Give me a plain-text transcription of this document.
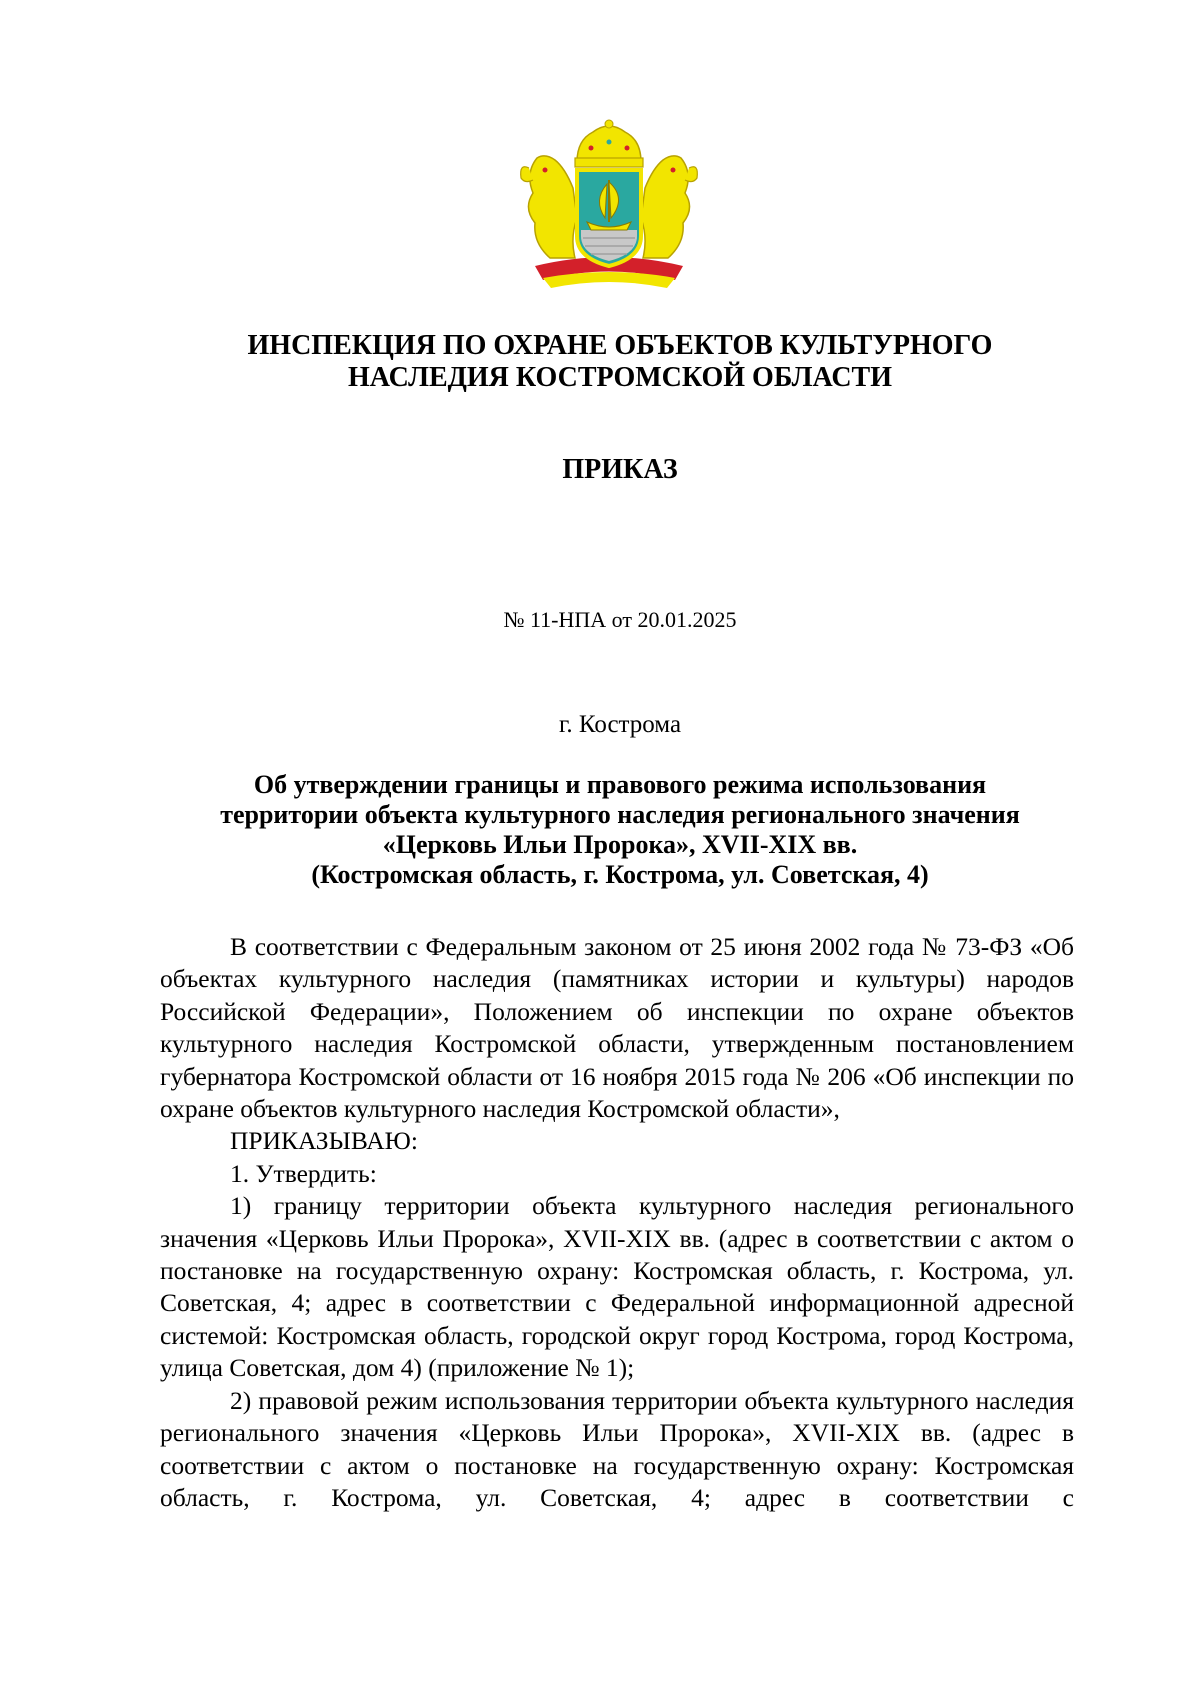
ИНСПЕКЦИЯ ПО ОХРАНЕ ОБЪЕКТОВ КУЛЬТУРНОГО
НАСЛЕДИЯ КОСТРОМСКОЙ ОБЛАСТИ
ПРИКАЗ
№ 11-НПА от 20.01.2025
г. Кострома
Об утверждении границы и правового режима использования
территории объекта культурного наследия регионального значения
«Церковь Ильи Пророка», XVII-XIX вв.
(Костромская область, г. Кострома, ул. Советская, 4)

В соответствии с Федеральным законом от 25 июня 2002 года № 73-ФЗ «Об объектах культурного наследия (памятниках истории и культуры) народов Российской Федерации», Положением об инспекции по охране объектов культурного наследия Костромской области, утвержденным постановлением губернатора Костромской области от 16 ноября 2015 года № 206 «Об инспекции по охране объектов культурного наследия Костромской области»,

ПРИКАЗЫВАЮ:

1. Утвердить:

1) границу территории объекта культурного наследия регионального значения «Церковь Ильи Пророка», XVII-XIX вв. (адрес в соответствии с актом о постановке на государственную охрану: Костромская область, г. Кострома, ул. Советская, 4; адрес в соответствии с Федеральной информационной адресной системой: Костромская область, городской округ город Кострома, город Кострома, улица Советская, дом 4) (приложение № 1);

2) правовой режим использования территории объекта культурного наследия регионального значения «Церковь Ильи Пророка», XVII-XIX вв. (адрес в соответствии с актом о постановке на государственную охрану: Костромская область, г. Кострома, ул. Советская, 4; адрес в соответствии с
